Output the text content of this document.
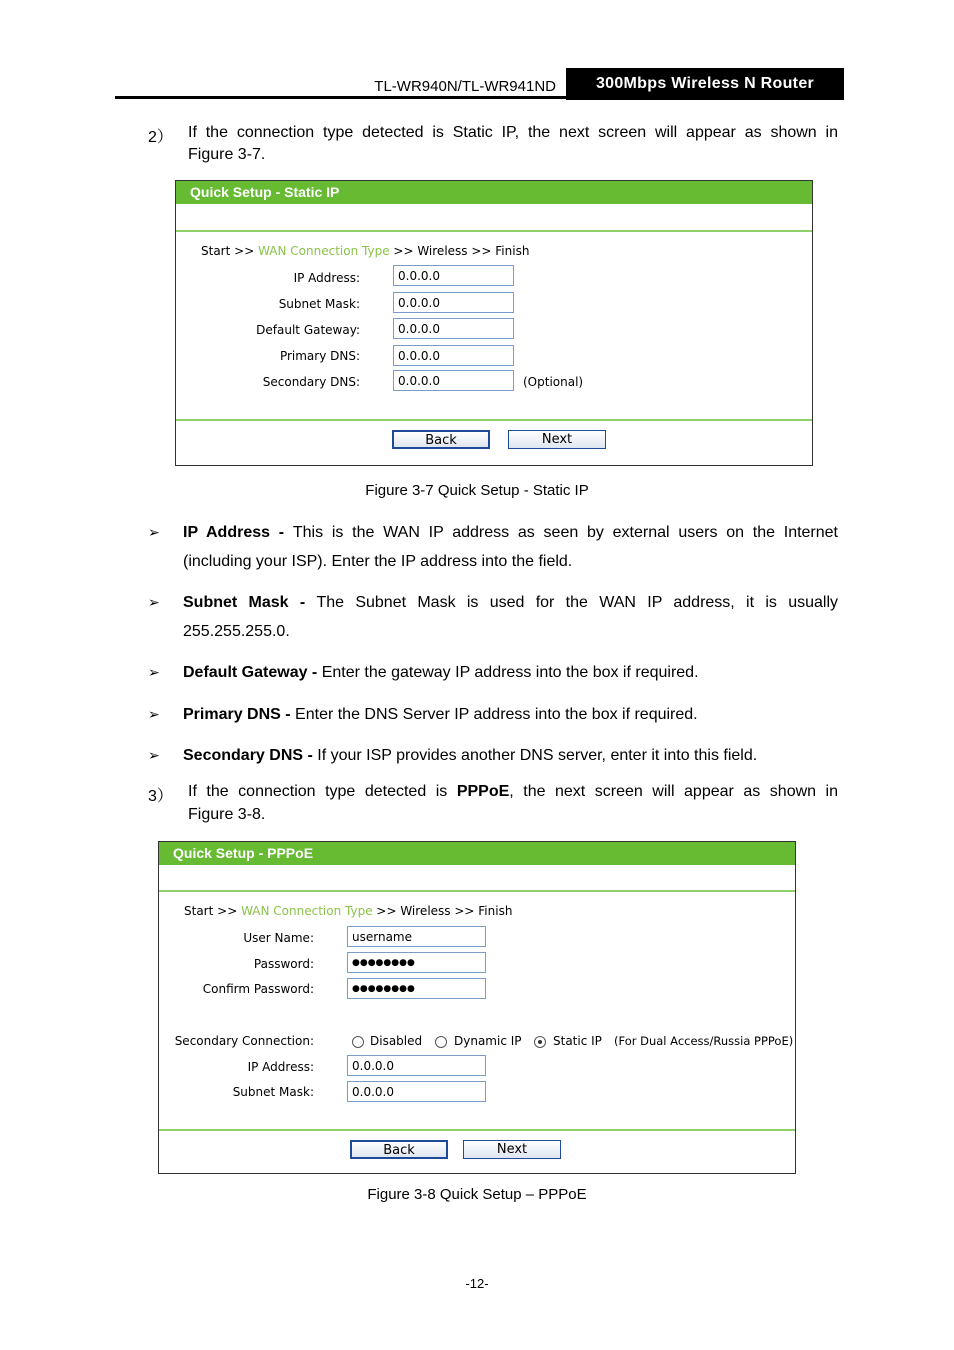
TL-WR940N/TL-WR941ND	300Mbps Wireless N Router
2） If the connection type detected is Static IP, the next screen will appear as shown in
Figure 3-7.
Quick Setup - Static IP
Start >> WAN Connection Type >> Wireless >> Finish
IP Address:	0.0.0.0
Subnet Mask:	0.0.0.0
Default Gateway:	0.0.0.0
Primary DNS:	0.0.0.0
Secondary DNS:	0.0.0.0	(Optional)
Back	Next
Figure 3-7 Quick Setup - Static IP
➢ IP Address - This is the WAN IP address as seen by external users on the Internet
(including your ISP). Enter the IP address into the field.
➢ Subnet Mask - The Subnet Mask is used for the WAN IP address, it is usually
255.255.255.0.
➢ Default Gateway - Enter the gateway IP address into the box if required.
➢ Primary DNS - Enter the DNS Server IP address into the box if required.
➢ Secondary DNS - If your ISP provides another DNS server, enter it into this field.
3） If the connection type detected is PPPoE, the next screen will appear as shown in
Figure 3-8.
Quick Setup - PPPoE
Start >> WAN Connection Type >> Wireless >> Finish
User Name:	username
Password:	●●●●●●●●
Confirm Password:	●●●●●●●●
Secondary Connection:	Disabled	Dynamic IP	Static IP (For Dual Access/Russia PPPoE)
IP Address:	0.0.0.0
Subnet Mask:	0.0.0.0
Back	Next
Figure 3-8 Quick Setup – PPPoE
-12-
